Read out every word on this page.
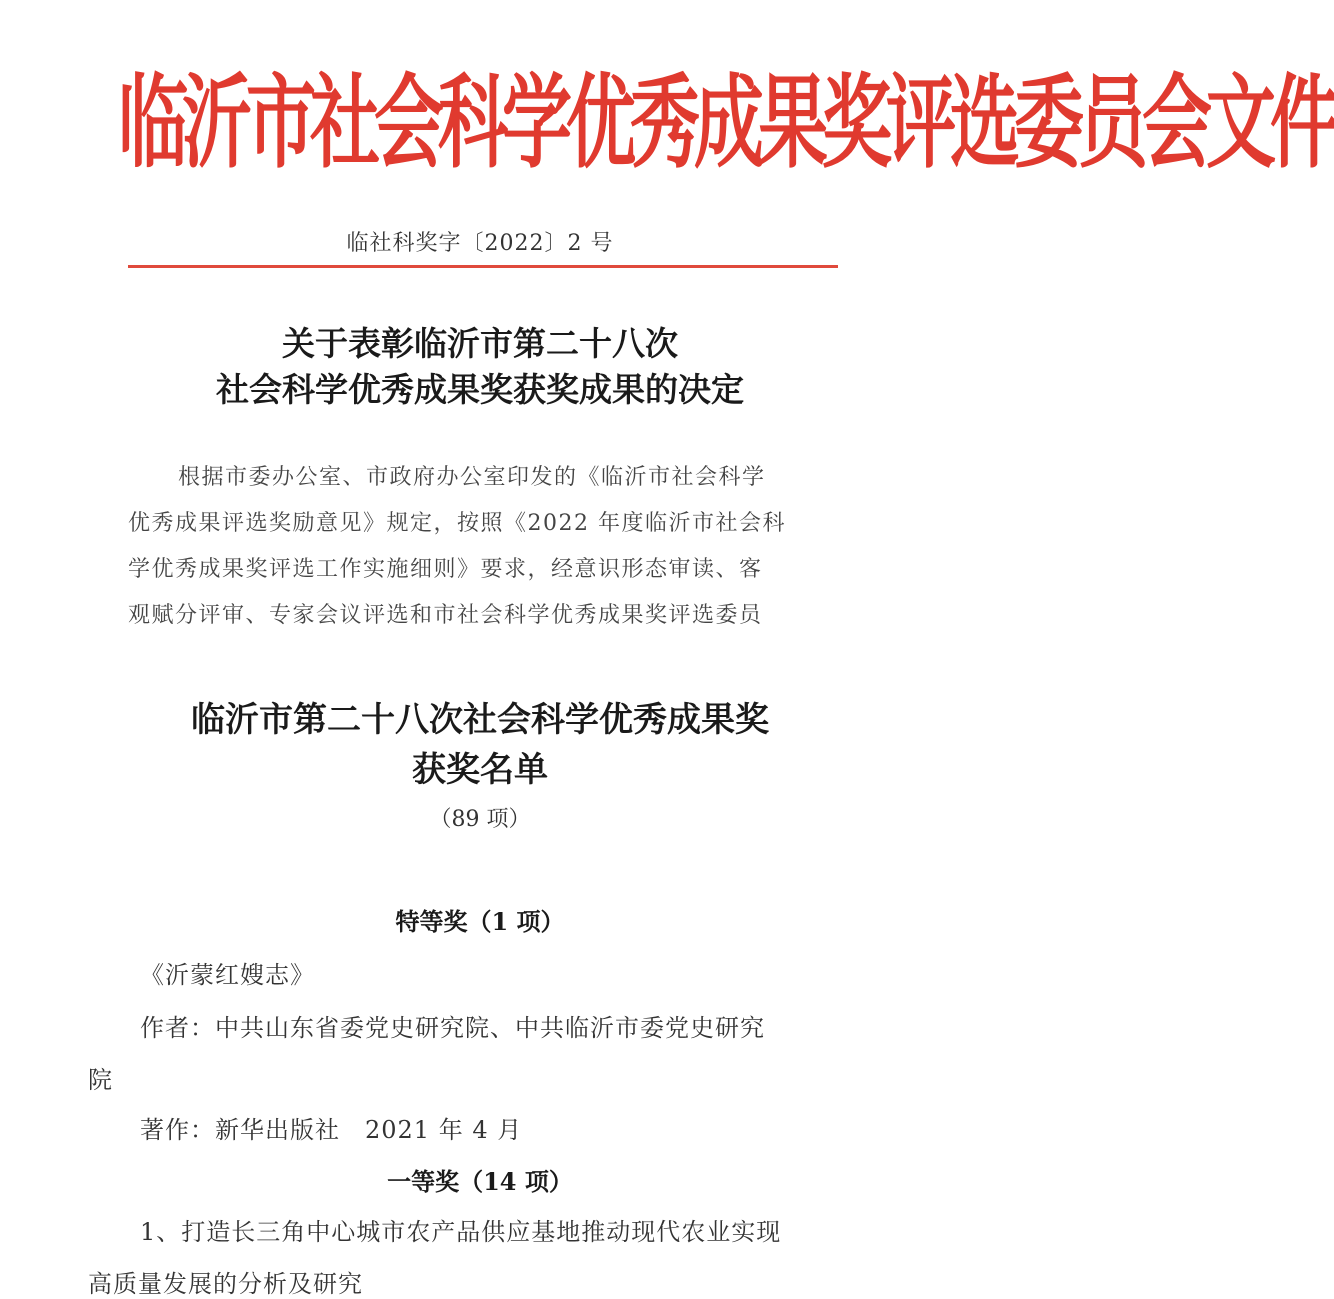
临沂市社会科学优秀成果奖评选委员会文件
临社科奖字〔2022〕2 号
关于表彰临沂市第二十八次
社会科学优秀成果奖获奖成果的决定
根据市委办公室、市政府办公室印发的《临沂市社会科学
优秀成果评选奖励意见》规定，按照《2022 年度临沂市社会科
学优秀成果奖评选工作实施细则》要求，经意识形态审读、客
观赋分评审、专家会议评选和市社会科学优秀成果奖评选委员
临沂市第二十八次社会科学优秀成果奖
获奖名单
（89 项）
特等奖（1 项）
《沂蒙红嫂志》
作者：中共山东省委党史研究院、中共临沂市委党史研究
院
著作：新华出版社　2021 年 4 月
一等奖（14 项）
1、打造长三角中心城市农产品供应基地推动现代农业实现
高质量发展的分析及研究
